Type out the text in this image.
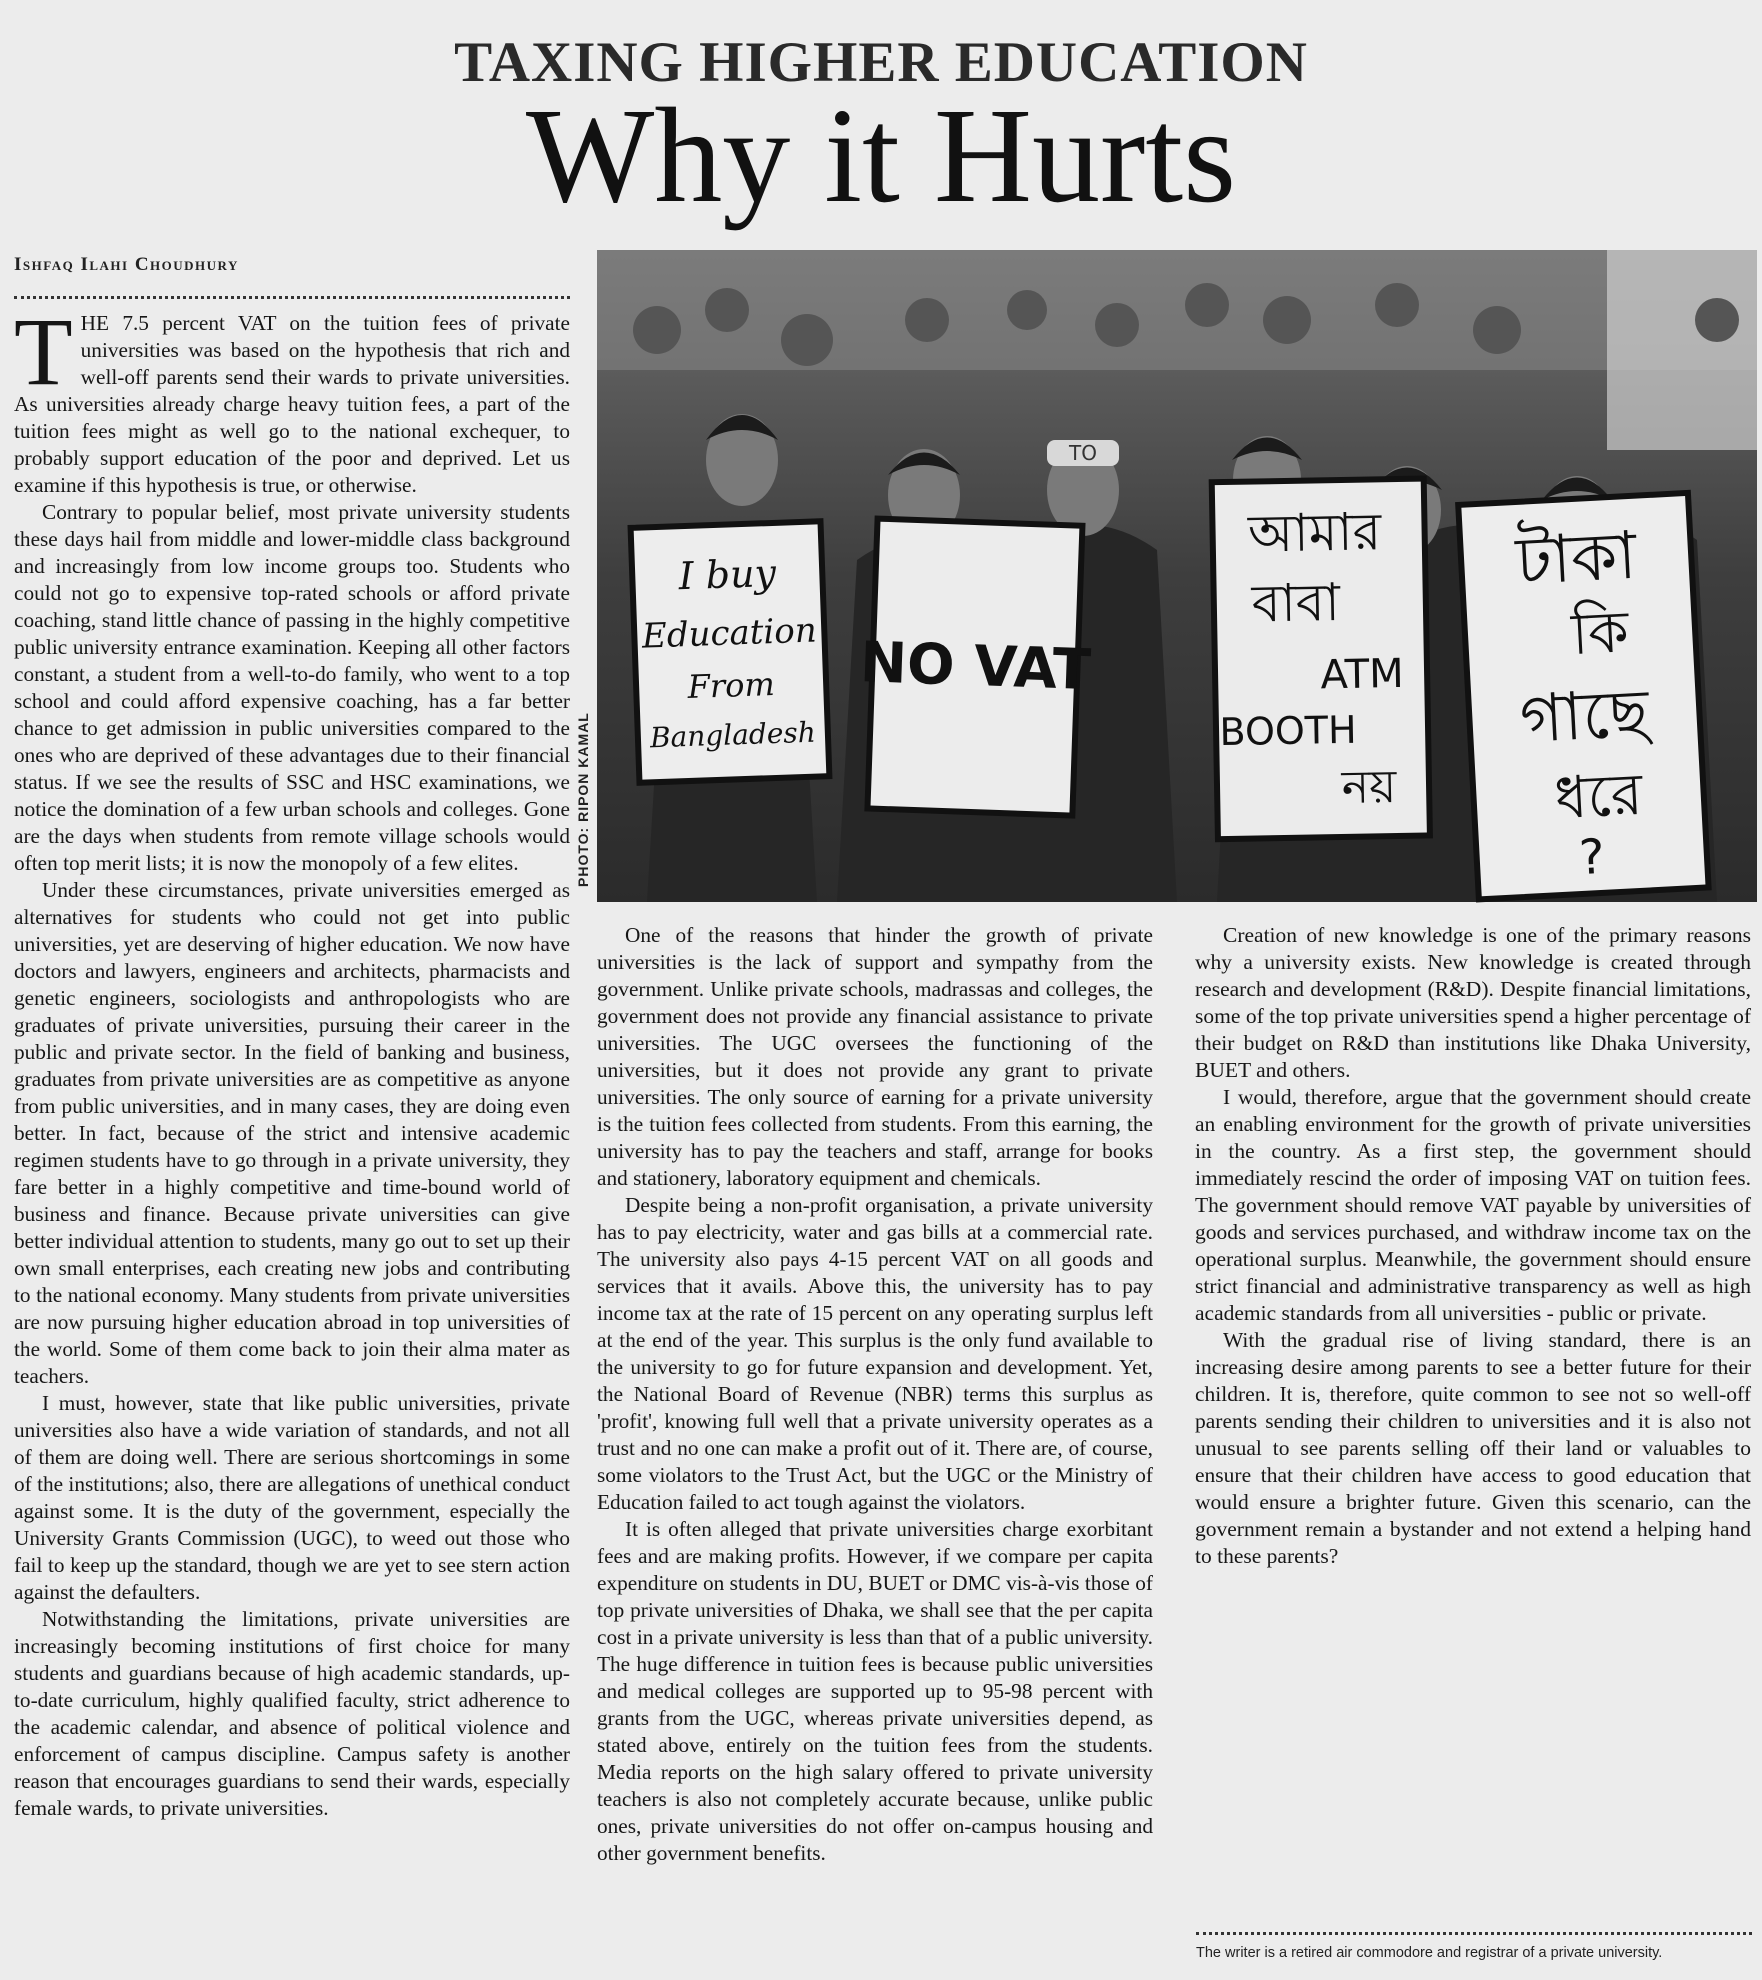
TAXING HIGHER EDUCATION
Why it Hurts
Ishfaq Ilahi Choudhury

THE 7.5 percent VAT on the tuition fees of private universities was based on the hypothesis that rich and well-off parents send their wards to private universities. As universities already charge heavy tuition fees, a part of the tuition fees might as well go to the national exchequer, to probably support education of the poor and deprived. Let us examine if this hypothesis is true, or otherwise.

Contrary to popular belief, most private university students these days hail from middle and lower-middle class background and increasingly from low income groups too. Students who could not go to expensive top-rated schools or afford private coaching, stand little chance of passing in the highly competitive public university entrance examination. Keeping all other factors constant, a student from a well-to-do family, who went to a top school and could afford expensive coaching, has a far better chance to get admission in public universities compared to the ones who are deprived of these advantages due to their financial status. If we see the results of SSC and HSC examinations, we notice the domination of a few urban schools and colleges. Gone are the days when students from remote village schools would often top merit lists; it is now the monopoly of a few elites.

Under these circumstances, private universities emerged as alternatives for students who could not get into public universities, yet are deserving of higher education. We now have doctors and lawyers, engineers and architects, pharmacists and genetic engineers, sociologists and anthropologists who are graduates of private universities, pursuing their career in the public and private sector. In the field of banking and business, graduates from private universities are as competitive as anyone from public universities, and in many cases, they are doing even better. In fact, because of the strict and intensive academic regimen students have to go through in a private university, they fare better in a highly competitive and time-bound world of business and finance. Because private universities can give better individual attention to students, many go out to set up their own small enterprises, each creating new jobs and contributing to the national economy. Many students from private universities are now pursuing higher education abroad in top universities of the world. Some of them come back to join their alma mater as teachers.

I must, however, state that like public universities, private universities also have a wide variation of standards, and not all of them are doing well. There are serious shortcomings in some of the institutions; also, there are allegations of unethical conduct against some. It is the duty of the government, especially the University Grants Commission (UGC), to weed out those who fail to keep up the standard, though we are yet to see stern action against the defaulters.

Notwithstanding the limitations, private universities are increasingly becoming institutions of first choice for many students and guardians because of high academic standards, up-to-date curriculum, highly qualified faculty, strict adherence to the academic calendar, and absence of political violence and enforcement of campus discipline. Campus safety is another reason that encourages guardians to send their wards, especially female wards, to private universities.

TO
I buy
Education
From
Bangladesh
NO VAT
আমার
বাবা
ATM
BOOTH
নয়
টাকা
কি
গাছে
ধরে
?
PHOTO: RIPON KAMAL

One of the reasons that hinder the growth of private universities is the lack of support and sympathy from the government. Unlike private schools, madrassas and colleges, the government does not provide any financial assistance to private universities. The UGC oversees the functioning of the universities, but it does not provide any grant to private universities. The only source of earning for a private university is the tuition fees collected from students. From this earning, the university has to pay the teachers and staff, arrange for books and stationery, laboratory equipment and chemicals.

Despite being a non-profit organisation, a private university has to pay electricity, water and gas bills at a commercial rate. The university also pays 4-15 percent VAT on all goods and services that it avails. Above this, the university has to pay income tax at the rate of 15 percent on any operating surplus left at the end of the year. This surplus is the only fund available to the university to go for future expansion and development. Yet, the National Board of Revenue (NBR) terms this surplus as 'profit', knowing full well that a private university operates as a trust and no one can make a profit out of it. There are, of course, some violators to the Trust Act, but the UGC or the Ministry of Education failed to act tough against the violators.

It is often alleged that private universities charge exorbitant fees and are making profits. However, if we compare per capita expenditure on students in DU, BUET or DMC vis-à-vis those of top private universities of Dhaka, we shall see that the per capita cost in a private university is less than that of a public university. The huge difference in tuition fees is because public universities and medical colleges are supported up to 95-98 percent with grants from the UGC, whereas private universities depend, as stated above, entirely on the tuition fees from the students. Media reports on the high salary offered to private university teachers is also not completely accurate because, unlike public ones, private universities do not offer on-campus housing and other government benefits.

Creation of new knowledge is one of the primary reasons why a university exists. New knowledge is created through research and development (R&D). Despite financial limitations, some of the top private universities spend a higher percentage of their budget on R&D than institutions like Dhaka University, BUET and others.

I would, therefore, argue that the government should create an enabling environment for the growth of private universities in the country. As a first step, the government should immediately rescind the order of imposing VAT on tuition fees. The government should remove VAT payable by universities of goods and services purchased, and withdraw income tax on the operational surplus. Meanwhile, the government should ensure strict financial and administrative transparency as well as high academic standards from all universities - public or private.

With the gradual rise of living standard, there is an increasing desire among parents to see a better future for their children. It is, therefore, quite common to see not so well-off parents sending their children to universities and it is also not unusual to see parents selling off their land or valuables to ensure that their children have access to good education that would ensure a brighter future. Given this scenario, can the government remain a bystander and not extend a helping hand to these parents?

The writer is a retired air commodore and registrar of a private university.
